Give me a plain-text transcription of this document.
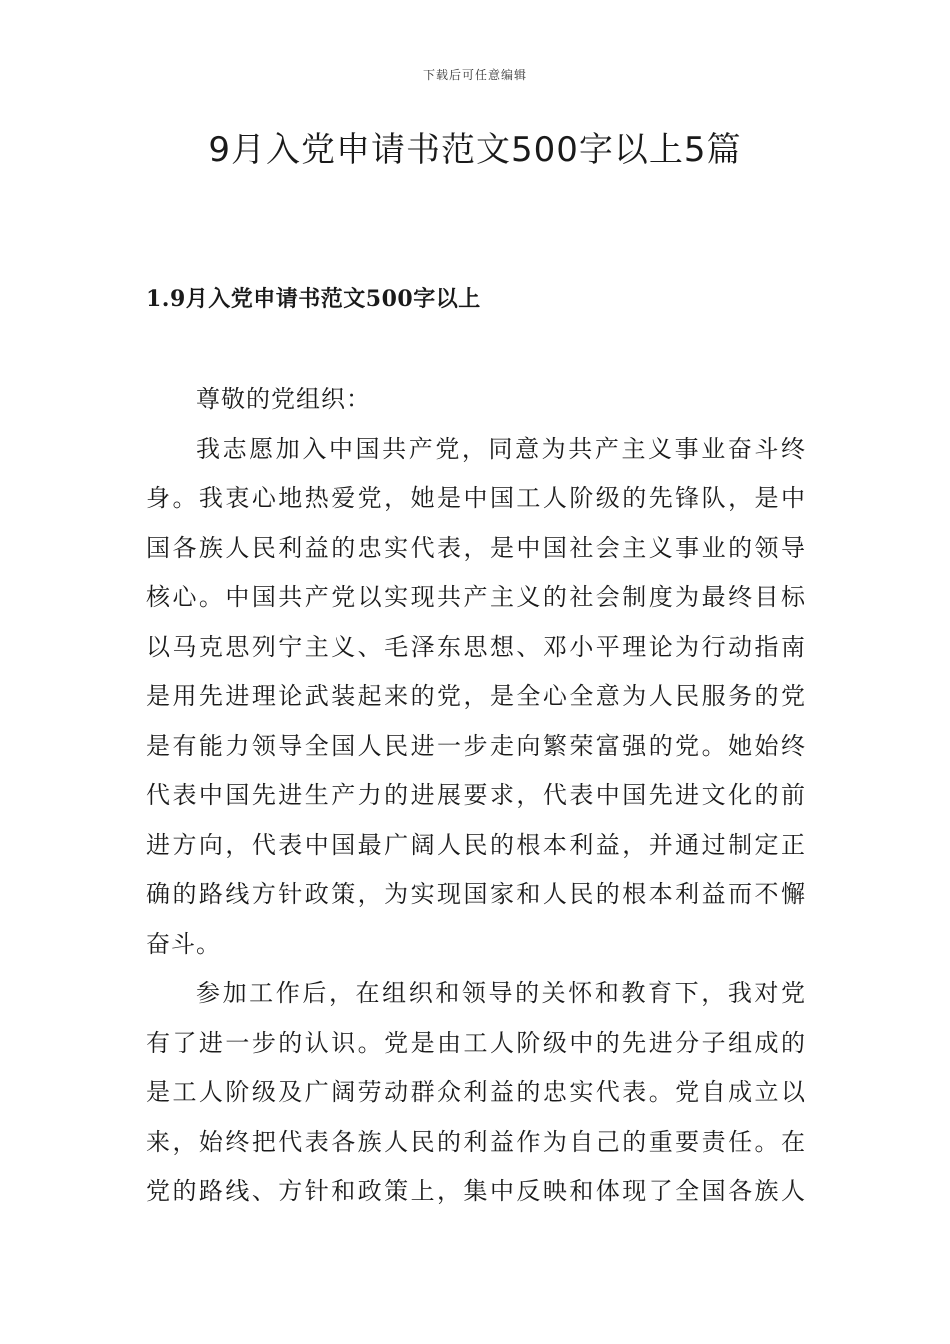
下载后可任意编辑
9月入党申请书范文500字以上5篇
1.9月入党申请书范文500字以上

尊敬的党组织：

我志愿加入中国共产党，同意为共产主义事业奋斗终
身。我衷心地热爱党，她是中国工人阶级的先锋队，是中
国各族人民利益的忠实代表，是中国社会主义事业的领导
核心。中国共产党以实现共产主义的社会制度为最终目标
以马克思列宁主义、毛泽东思想、邓小平理论为行动指南
是用先进理论武装起来的党，是全心全意为人民服务的党
是有能力领导全国人民进一步走向繁荣富强的党。她始终
代表中国先进生产力的进展要求，代表中国先进文化的前
进方向，代表中国最广阔人民的根本利益，并通过制定正
确的路线方针政策，为实现国家和人民的根本利益而不懈
奋斗。

参加工作后，在组织和领导的关怀和教育下，我对党
有了进一步的认识。党是由工人阶级中的先进分子组成的
是工人阶级及广阔劳动群众利益的忠实代表。党自成立以
来，始终把代表各族人民的利益作为自己的重要责任。在
党的路线、方针和政策上，集中反映和体现了全国各族人
